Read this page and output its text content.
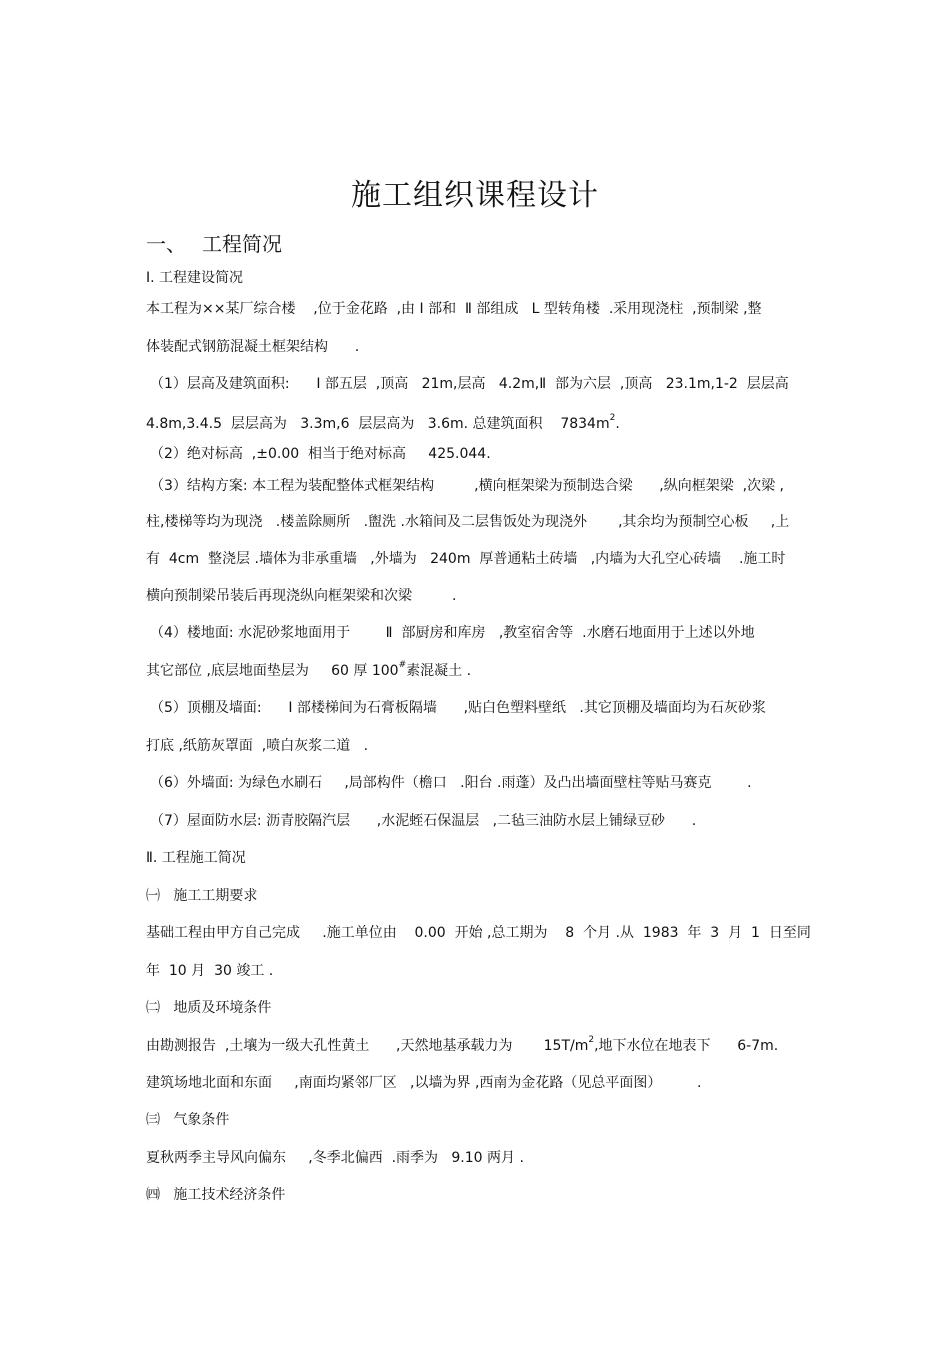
施工组织课程设计
一、 工程简况
Ⅰ. 工程建设简况
本工程为××某厂综合楼    ,位于金花路  ,由 Ⅰ 部和  Ⅱ 部组成   L 型转角楼  .采用现浇柱  ,预制梁 ,整
体装配式钢筋混凝土框架结构      .
（1）层高及建筑面积:      Ⅰ 部五层  ,顶高   21m,层高   4.2m,Ⅱ  部为六层  ,顶高   23.1m,1-2  层层高
4.8m,3.4.5  层层高为   3.3m,6  层层高为   3.6m. 总建筑面积    $7834m^2$.
（2）绝对标高  ,±0.00  相当于绝对标高     425.044.
（3）结构方案: 本工程为装配整体式框架结构         ,横向框架梁为预制迭合梁      ,纵向框架梁  ,次梁 ,
柱,楼梯等均为现浇   .楼盖除厕所   .盥洗 .水箱间及二层售饭处为现浇外       ,其余均为预制空心板     ,上
有  4cm  整浇层 .墙体为非承重墙   ,外墙为   240m  厚普通粘土砖墙   ,内墙为大孔空心砖墙    .施工时
横向预制梁吊装后再现浇纵向框架梁和次梁         .
（4）楼地面: 水泥砂浆地面用于        Ⅱ  部厨房和库房   ,教室宿舍等  .水磨石地面用于上述以外地
其它部位 ,底层地面垫层为     60 厚 100#素混凝土 .
（5）顶棚及墙面:      Ⅰ 部楼梯间为石膏板隔墙      ,贴白色塑料壁纸   .其它顶棚及墙面均为石灰砂浆
打底 ,纸筋灰罩面  ,喷白灰浆二道   .
（6）外墙面: 为绿色水刷石     ,局部构件（檐口   .阳台 .雨蓬）及凸出墙面壁柱等贴马赛克        .
（7）屋面防水层: 沥青胶隔汽层      ,水泥蛭石保温层   ,二毡三油防水层上铺绿豆砂      .
Ⅱ. 工程施工简况
㈠   施工工期要求
基础工程由甲方自己完成     .施工单位由    0.00  开始 ,总工期为    8  个月 .从  1983  年  3  月  1  日至同
年  10 月  30 竣工 .
㈡   地质及环境条件
由勘测报告  ,土壤为一级大孔性黄土      ,天然地基承载力为       $15T/m^2$,地下水位在地表下      6-7m.
建筑场地北面和东面     ,南面均紧邻厂区   ,以墙为界 ,西南为金花路（见总平面图）        .
㈢   气象条件
夏秋两季主导风向偏东     ,冬季北偏西  .雨季为   9.10 两月 .
㈣   施工技术经济条件
